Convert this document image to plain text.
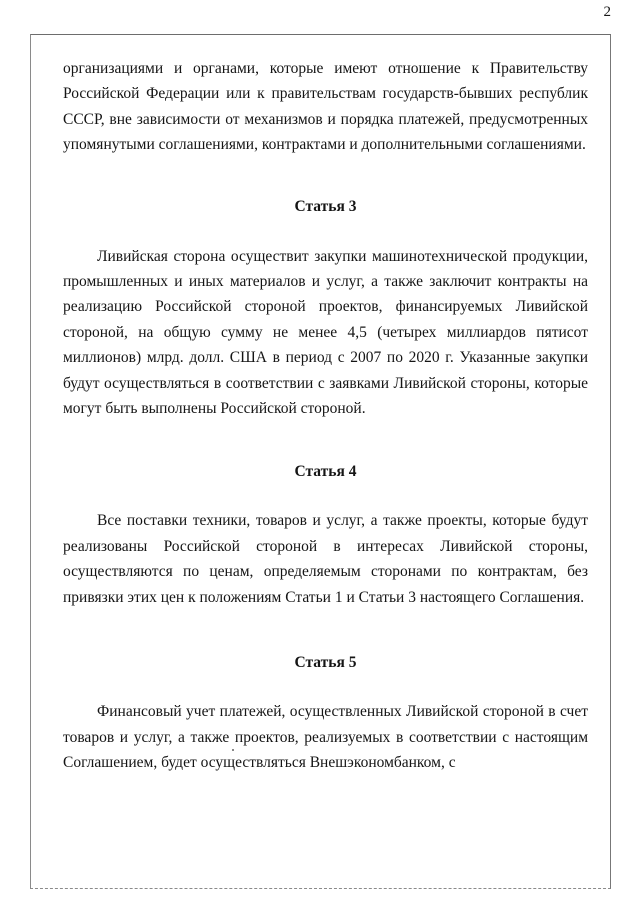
2

организациями и органами, которые имеют отношение к Правительству Российской Федерации или к правительствам государств-бывших республик СССР, вне зависимости от механизмов и порядка платежей, предусмотренных упомянутыми соглашениями, контрактами и дополнительными соглашениями.

Статья 3

Ливийская сторона осуществит закупки машинотехнической продукции, промышленных и иных материалов и услуг, а также заключит контракты на реализацию Российской стороной проектов, финансируемых Ливийской стороной, на общую сумму не менее 4,5 (четырех миллиардов пятисот миллионов) млрд. долл. США в период с 2007 по 2020 г. Указанные закупки будут осуществляться в соответствии с заявками Ливийской стороны, которые могут быть выполнены Российской стороной.

Статья 4

Все поставки техники, товаров и услуг, а также проекты, которые будут реализованы Российской стороной в интересах Ливийской стороны, осуществляются по ценам, определяемым сторонами по контрактам, без привязки этих цен к положениям Статьи 1 и Статьи 3 настоящего Соглашения.

Статья 5

Финансовый учет платежей, осуществленных Ливийской стороной в счет товаров и услуг, а также проектов, реализуемых в соответствии с настоящим Соглашением, будет осуществляться Внешэкономбанком, с
